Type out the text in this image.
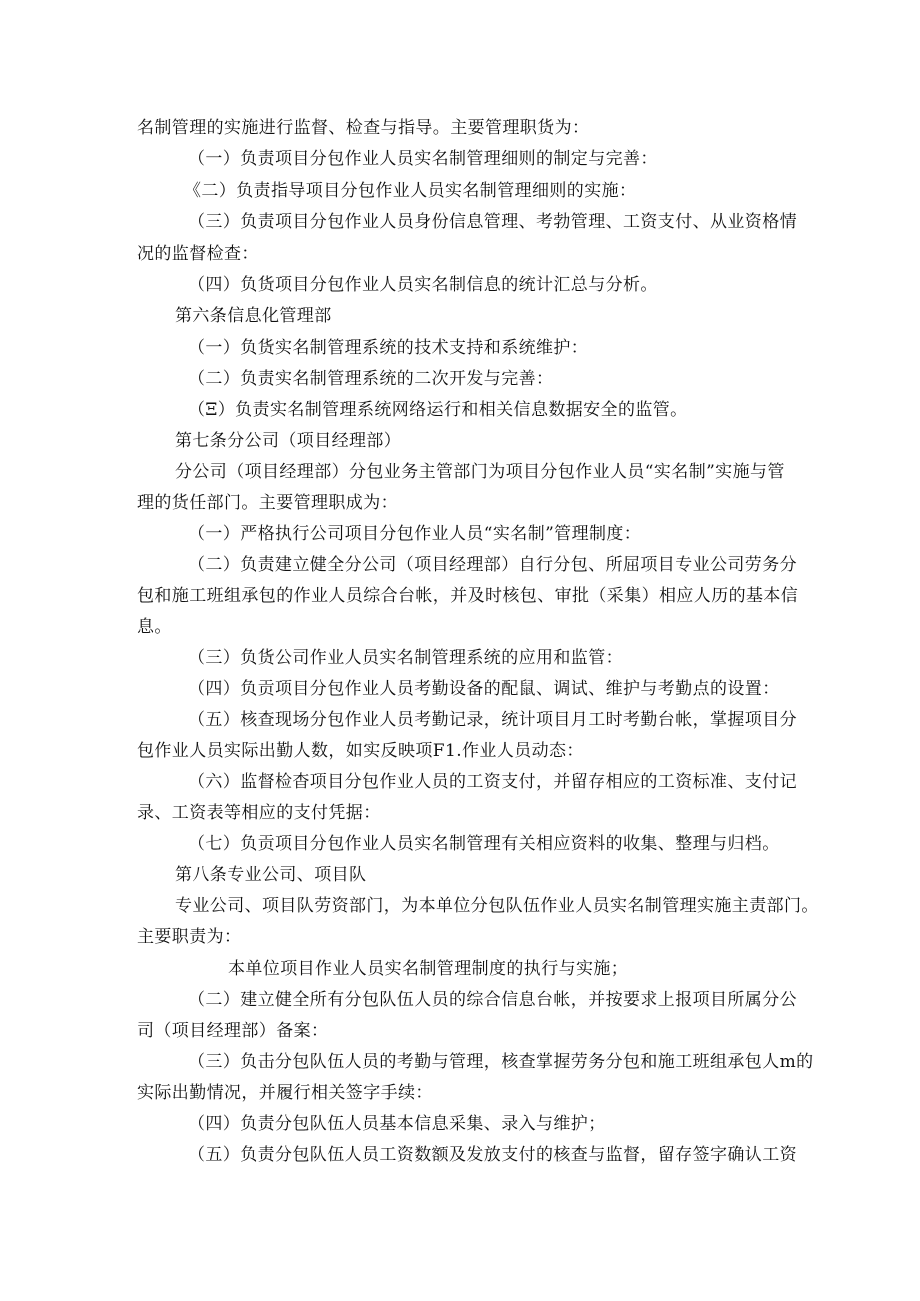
名制管理的实施进行监督、检查与指导。主要管理职货为：
（一）负责项目分包作业人员实名制管理细则的制定与完善：
《二）负责指导项目分包作业人员实名制管理细则的实施：
（三）负责项目分包作业人员身份信息管理、考勃管理、工资支付、从业资格情
况的监督检查：
（四）负货项目分包作业人员实名制信息的统计汇总与分析。
第六条信息化管理部
（一）负货实名制管理系统的技术支持和系统维护：
（二）负责实名制管理系统的二次开发与完善：
（Ξ）负责实名制管理系统网络运行和相关信息数据安全的监管。
第七条分公司（项目经理部）
分公司（项目经理部）分包业务主管部门为项目分包作业人员“实名制”实施与管
理的货任部门。主要管理职成为：
（一）严格执行公司项目分包作业人员“实名制”管理制度：
（二）负责建立健全分公司（项目经理部）自行分包、所屈项目专业公司劳务分
包和施工班组承包的作业人员综合台帐，并及时核包、审批（采集）相应人历的基本信
息。
（三）负货公司作业人员实名制管理系统的应用和监管：
（四）负贡项目分包作业人员考勤设备的配鼠、调试、维护与考勤点的设置：
（五）核查现场分包作业人员考勤记录，统计项目月工时考勤台帐，掌握项目分
包作业人员实际出勤人数，如实反映项F1.作业人员动态：
（六）监督检杳项目分包作业人员的工资支付，并留存相应的工资标准、支付记
录、工资表等相应的支付凭据：
（七）负贡项目分包作业人员实名制管理有关相应资料的收集、整理与归档。
第八条专业公司、项目队
专业公司、项目队劳资部门，为本单位分包队伍作业人员实名制管理实施主责部门。
主要职责为：
本单位项目作业人员实名制管理制度的执行与实施；
（二）建立健全所有分包队伍人员的综合信息台帐，并按要求上报项目所属分公
司（项目经理部）备案：
（三）负击分包队伍人员的考勤与管理，核查掌握劳务分包和施工班组承包人m的
实际出勤情况，并履行相关签字手续：
（四）负责分包队伍人员基本信息采集、录入与维护；
（五）负责分包队伍人员工资数额及发放支付的核查与监督，留存签字确认工资
